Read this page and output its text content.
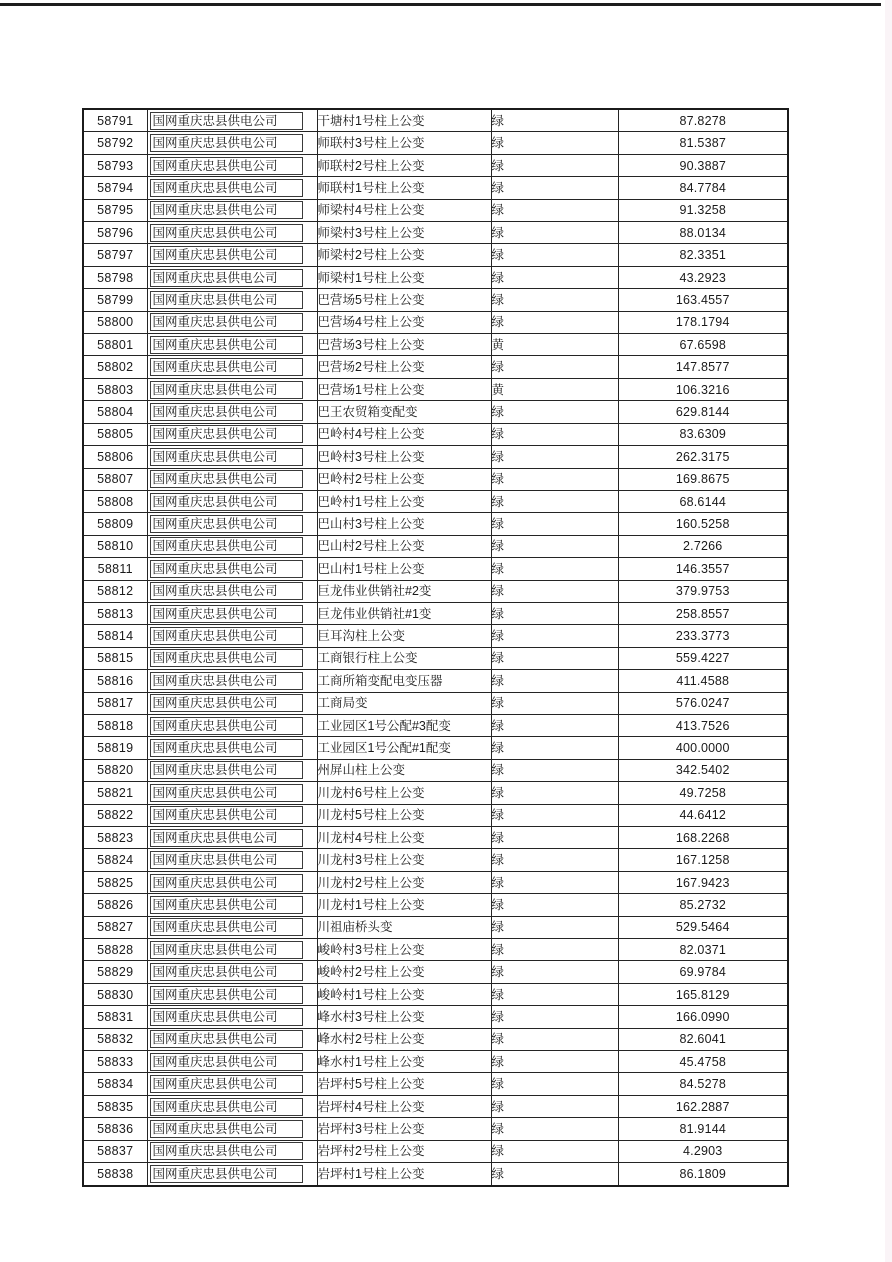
58791	国网重庆忠县供电公司	干塘村1号柱上公变	绿	87.8278
58792	国网重庆忠县供电公司	师联村3号柱上公变	绿	81.5387
58793	国网重庆忠县供电公司	师联村2号柱上公变	绿	90.3887
58794	国网重庆忠县供电公司	师联村1号柱上公变	绿	84.7784
58795	国网重庆忠县供电公司	师梁村4号柱上公变	绿	91.3258
58796	国网重庆忠县供电公司	师梁村3号柱上公变	绿	88.0134
58797	国网重庆忠县供电公司	师梁村2号柱上公变	绿	82.3351
58798	国网重庆忠县供电公司	师梁村1号柱上公变	绿	43.2923
58799	国网重庆忠县供电公司	巴营场5号柱上公变	绿	163.4557
58800	国网重庆忠县供电公司	巴营场4号柱上公变	绿	178.1794
58801	国网重庆忠县供电公司	巴营场3号柱上公变	黄	67.6598
58802	国网重庆忠县供电公司	巴营场2号柱上公变	绿	147.8577
58803	国网重庆忠县供电公司	巴营场1号柱上公变	黄	106.3216
58804	国网重庆忠县供电公司	巴王农贸箱变配变	绿	629.8144
58805	国网重庆忠县供电公司	巴岭村4号柱上公变	绿	83.6309
58806	国网重庆忠县供电公司	巴岭村3号柱上公变	绿	262.3175
58807	国网重庆忠县供电公司	巴岭村2号柱上公变	绿	169.8675
58808	国网重庆忠县供电公司	巴岭村1号柱上公变	绿	68.6144
58809	国网重庆忠县供电公司	巴山村3号柱上公变	绿	160.5258
58810	国网重庆忠县供电公司	巴山村2号柱上公变	绿	2.7266
58811	国网重庆忠县供电公司	巴山村1号柱上公变	绿	146.3557
58812	国网重庆忠县供电公司	巨龙伟业供销社#2变	绿	379.9753
58813	国网重庆忠县供电公司	巨龙伟业供销社#1变	绿	258.8557
58814	国网重庆忠县供电公司	巨耳沟柱上公变	绿	233.3773
58815	国网重庆忠县供电公司	工商银行柱上公变	绿	559.4227
58816	国网重庆忠县供电公司	工商所箱变配电变压器	绿	411.4588
58817	国网重庆忠县供电公司	工商局变	绿	576.0247
58818	国网重庆忠县供电公司	工业园区1号公配#3配变	绿	413.7526
58819	国网重庆忠县供电公司	工业园区1号公配#1配变	绿	400.0000
58820	国网重庆忠县供电公司	州屏山柱上公变	绿	342.5402
58821	国网重庆忠县供电公司	川龙村6号柱上公变	绿	49.7258
58822	国网重庆忠县供电公司	川龙村5号柱上公变	绿	44.6412
58823	国网重庆忠县供电公司	川龙村4号柱上公变	绿	168.2268
58824	国网重庆忠县供电公司	川龙村3号柱上公变	绿	167.1258
58825	国网重庆忠县供电公司	川龙村2号柱上公变	绿	167.9423
58826	国网重庆忠县供电公司	川龙村1号柱上公变	绿	85.2732
58827	国网重庆忠县供电公司	川祖庙桥头变	绿	529.5464
58828	国网重庆忠县供电公司	峻岭村3号柱上公变	绿	82.0371
58829	国网重庆忠县供电公司	峻岭村2号柱上公变	绿	69.9784
58830	国网重庆忠县供电公司	峻岭村1号柱上公变	绿	165.8129
58831	国网重庆忠县供电公司	峰水村3号柱上公变	绿	166.0990
58832	国网重庆忠县供电公司	峰水村2号柱上公变	绿	82.6041
58833	国网重庆忠县供电公司	峰水村1号柱上公变	绿	45.4758
58834	国网重庆忠县供电公司	岩坪村5号柱上公变	绿	84.5278
58835	国网重庆忠县供电公司	岩坪村4号柱上公变	绿	162.2887
58836	国网重庆忠县供电公司	岩坪村3号柱上公变	绿	81.9144
58837	国网重庆忠县供电公司	岩坪村2号柱上公变	绿	4.2903
58838	国网重庆忠县供电公司	岩坪村1号柱上公变	绿	86.1809
